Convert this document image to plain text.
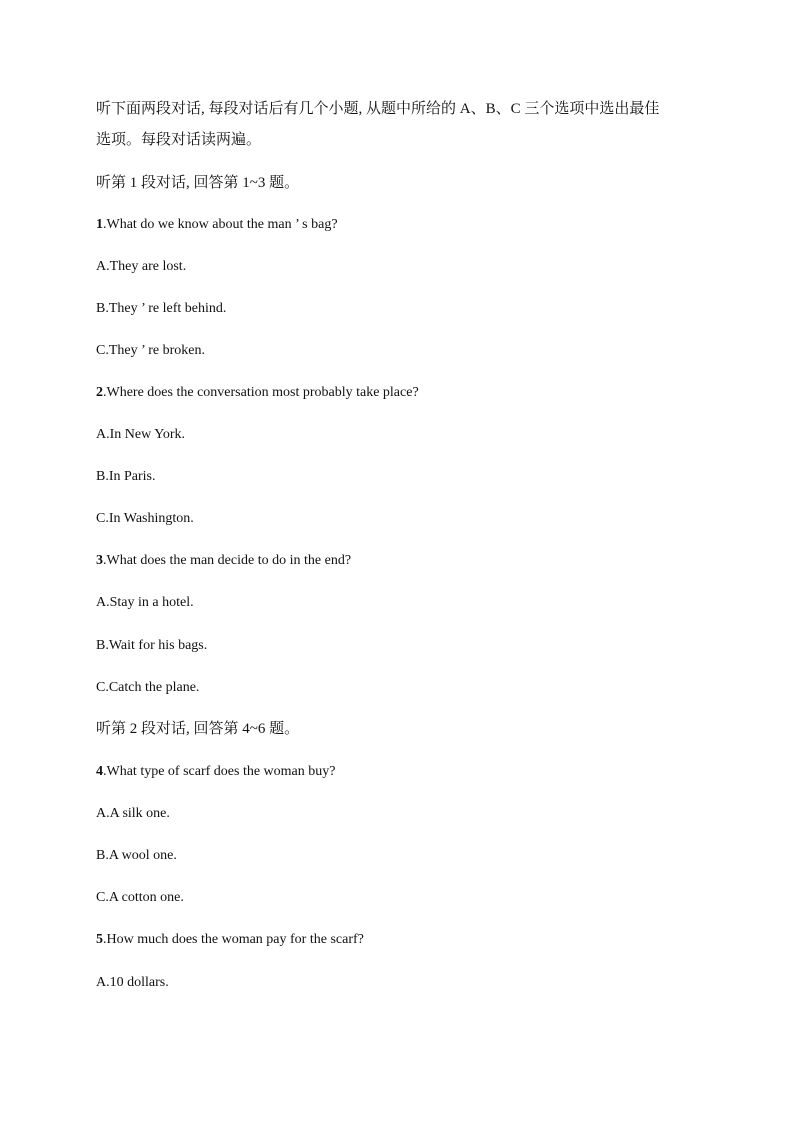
听下面两段对话, 每段对话后有几个小题, 从题中所给的 A、B、C 三个选项中选出最佳
选项。每段对话读两遍。
听第 1 段对话, 回答第 1~3 题。
1.What do we know about the man ’ s bag?
A.They are lost.
B.They ’ re left behind.
C.They ’ re broken.
2.Where does the conversation most probably take place?
A.In New York.
B.In Paris.
C.In Washington.
3.What does the man decide to do in the end?
A.Stay in a hotel.
B.Wait for his bags.
C.Catch the plane.
听第 2 段对话, 回答第 4~6 题。
4.What type of scarf does the woman buy?
A.A silk one.
B.A wool one.
C.A cotton one.
5.How much does the woman pay for the scarf?
A.10 dollars.
